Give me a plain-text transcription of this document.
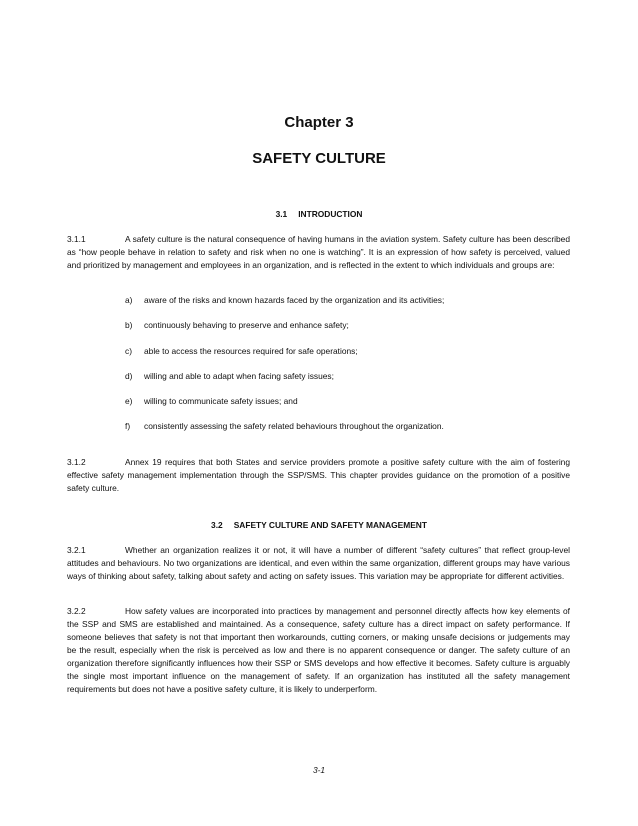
Chapter 3
SAFETY CULTURE
3.1 INTRODUCTION
3.1.1	A safety culture is the natural consequence of having humans in the aviation system. Safety culture has been described as “how people behave in relation to safety and risk when no one is watching”. It is an expression of how safety is perceived, valued and prioritized by management and employees in an organization, and is reflected in the extent to which individuals and groups are:
a) aware of the risks and known hazards faced by the organization and its activities;
b) continuously behaving to preserve and enhance safety;
c) able to access the resources required for safe operations;
d) willing and able to adapt when facing safety issues;
e) willing to communicate safety issues; and
f) consistently assessing the safety related behaviours throughout the organization.
3.1.2	Annex 19 requires that both States and service providers promote a positive safety culture with the aim of fostering effective safety management implementation through the SSP/SMS. This chapter provides guidance on the promotion of a positive safety culture.
3.2 SAFETY CULTURE AND SAFETY MANAGEMENT
3.2.1	Whether an organization realizes it or not, it will have a number of different “safety cultures” that reflect group-level attitudes and behaviours. No two organizations are identical, and even within the same organization, different groups may have various ways of thinking about safety, talking about safety and acting on safety issues. This variation may be appropriate for different activities.
3.2.2	How safety values are incorporated into practices by management and personnel directly affects how key elements of the SSP and SMS are established and maintained. As a consequence, safety culture has a direct impact on safety performance. If someone believes that safety is not that important then workarounds, cutting corners, or making unsafe decisions or judgements may be the result, especially when the risk is perceived as low and there is no apparent consequence or danger. The safety culture of an organization therefore significantly influences how their SSP or SMS develops and how effective it becomes. Safety culture is arguably the single most important influence on the management of safety. If an organization has instituted all the safety management requirements but does not have a positive safety culture, it is likely to underperform.
3-1
